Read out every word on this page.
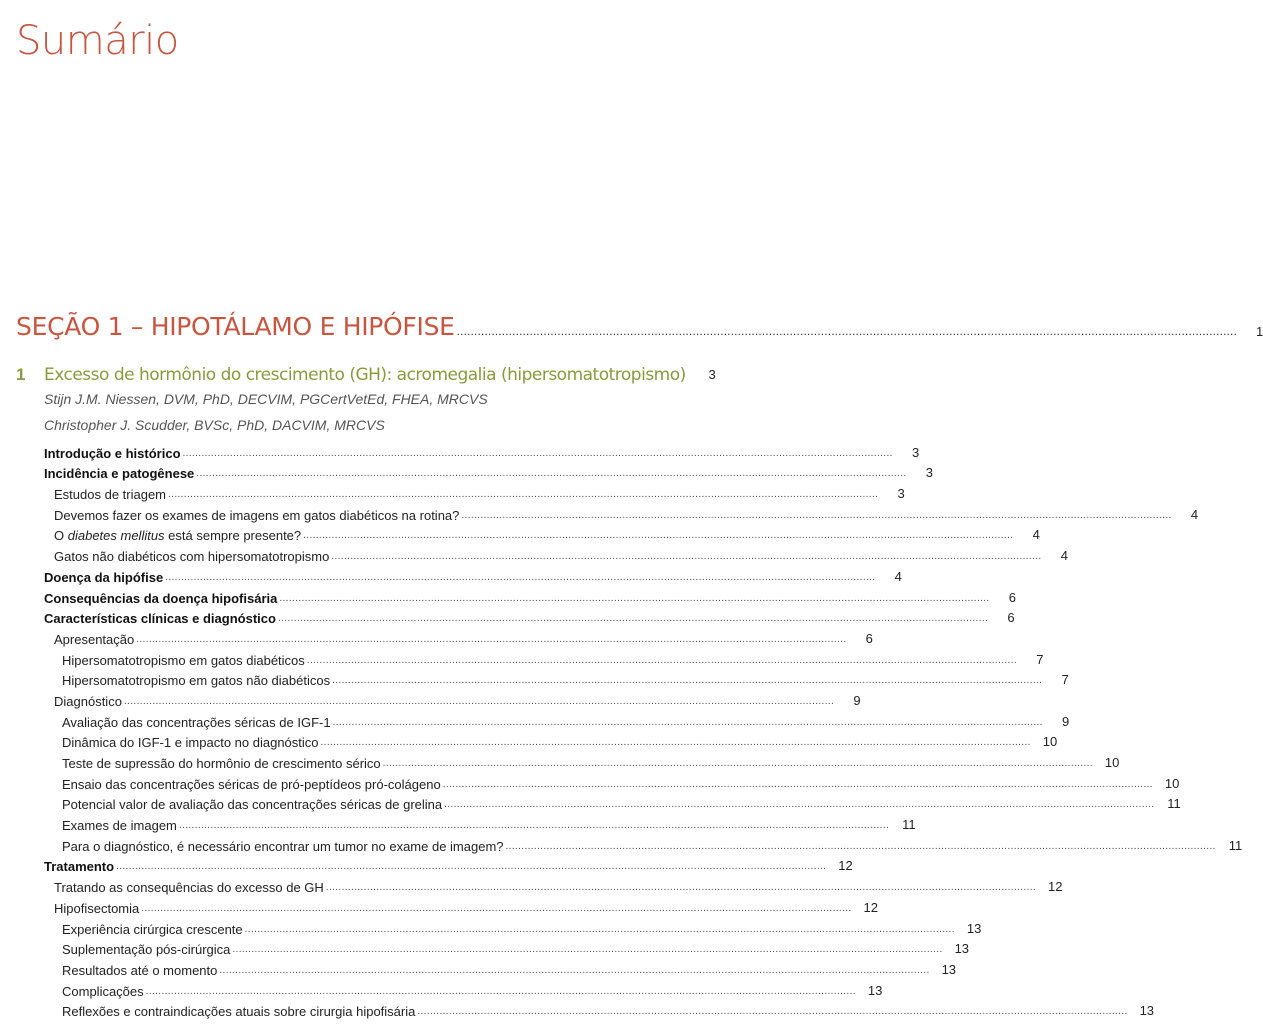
Sumário
SEÇÃO 1 – HIPOTÁLAMO E HIPÓFISE . . .	1
1	Excesso de hormônio do crescimento (GH): acromegalia (hipersomatotropismo)	3
Stijn J.M. Niessen, DVM, PhD, DECVIM, PGCertVetEd, FHEA, MRCVS
Christopher J. Scudder, BVSc, PhD, DACVIM, MRCVS
Introdução e histórico . . .	3
Incidência e patogênese . . .	3
Estudos de triagem . . .	3
Devemos fazer os exames de imagens em gatos diabéticos na rotina? . . .	4
O diabetes mellitus está sempre presente? . . .	4
Gatos não diabéticos com hipersomatotropismo . . .	4
Doença da hipófise . . .	4
Consequências da doença hipofisária . . .	6
Características clínicas e diagnóstico . . .	6
Apresentação . . .	6
Hipersomatotropismo em gatos diabéticos . . .	7
Hipersomatotropismo em gatos não diabéticos . . .	7
Diagnóstico . . .	9
Avaliação das concentrações séricas de IGF-1 . . .	9
Dinâmica do IGF-1 e impacto no diagnóstico . . .	10
Teste de supressão do hormônio de crescimento sérico . . .	10
Ensaio das concentrações séricas de pró-peptídeos pró-colágeno . . .	10
Potencial valor de avaliação das concentrações séricas de grelina . . .	11
Exames de imagem . . .	11
Para o diagnóstico, é necessário encontrar um tumor no exame de imagem? . . .	11
Tratamento . . .	12
Tratando as consequências do excesso de GH . . .	12
Hipofisectomia . . .	12
Experiência cirúrgica crescente . . .	13
Suplementação pós-cirúrgica . . .	13
Resultados até o momento . . .	13
Complicações . . .	13
Reflexões e contraindicações atuais sobre cirurgia hipofisária . . .	13
